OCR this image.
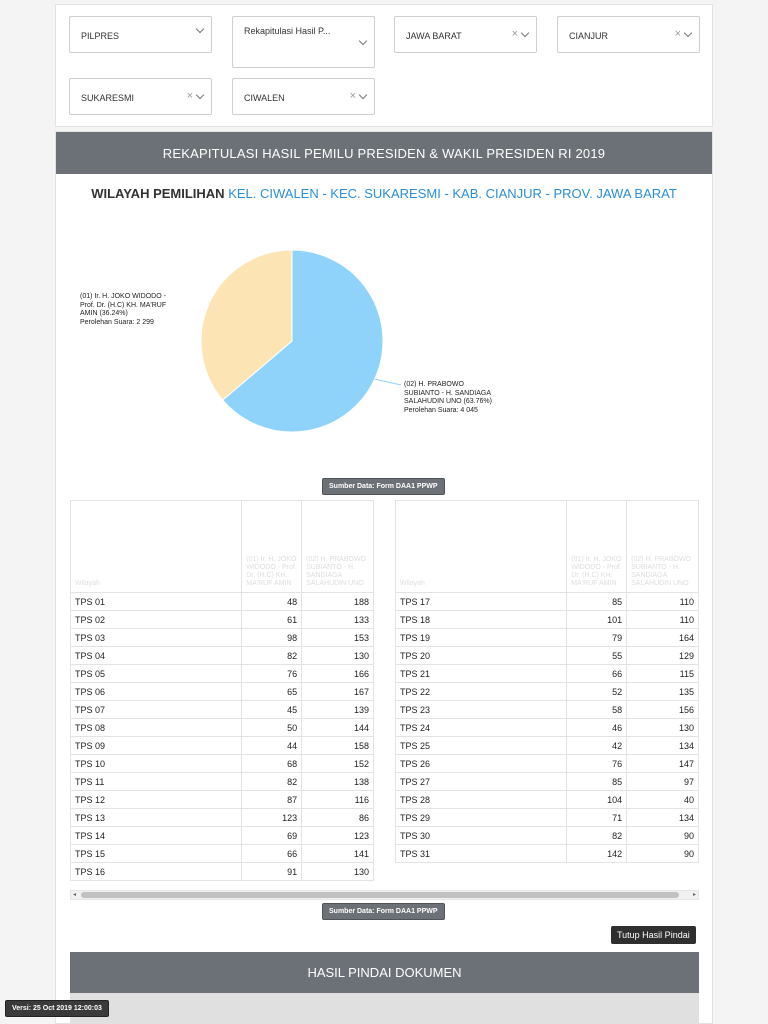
PILPRES	Rekapitulasi Hasil P...	JAWA BARAT	×	CIANJUR	×
SUKARESMI	×	CIWALEN	×
REKAPITULASI HASIL PEMILU PRESIDEN & WAKIL PRESIDEN RI 2019
WILAYAH PEMILIHAN KEL. CIWALEN - KEC. SUKARESMI - KAB. CIANJUR - PROV. JAWA BARAT
(01) Ir. H. JOKO WIDODO -
Prof. Dr. (H.C) KH. MA'RUF
AMIN (36.24%)
Perolehan Suara: 2 299
(02) H. PRABOWO
SUBIANTO - H. SANDIAGA
SALAHUDIN UNO (63.76%)
Perolehan Suara: 4 045
Sumber Data: Form DAA1 PPWP
Wilayah	(01) Ir. H. JOKO WIDODO - Prof. Dr. (H.C) KH. MA'RUF AMIN	(02) H. PRABOWO SUBIANTO - H. SANDIAGA SALAHUDIN UNO
TPS 01	48	188
TPS 02	61	133
TPS 03	98	153
TPS 04	82	130
TPS 05	76	166
TPS 06	65	167
TPS 07	45	139
TPS 08	50	144
TPS 09	44	158
TPS 10	68	152
TPS 11	82	138
TPS 12	87	116
TPS 13	123	86
TPS 14	69	123
TPS 15	66	141
TPS 16	91	130
Wilayah	(01) Ir. H. JOKO WIDODO - Prof. Dr. (H.C) KH. MA'RUF AMIN	(02) H. PRABOWO SUBIANTO - H. SANDIAGA SALAHUDIN UNO
TPS 17	85	110
TPS 18	101	110
TPS 19	79	164
TPS 20	55	129
TPS 21	66	115
TPS 22	52	135
TPS 23	58	156
TPS 24	46	130
TPS 25	42	134
TPS 26	76	147
TPS 27	85	97
TPS 28	104	40
TPS 29	71	134
TPS 30	82	90
TPS 31	142	90
◂	▸
Sumber Data: Form DAA1 PPWP
Tutup Hasil Pindai
HASIL PINDAI DOKUMEN
Versi: 25 Oct 2019 12:00:03
